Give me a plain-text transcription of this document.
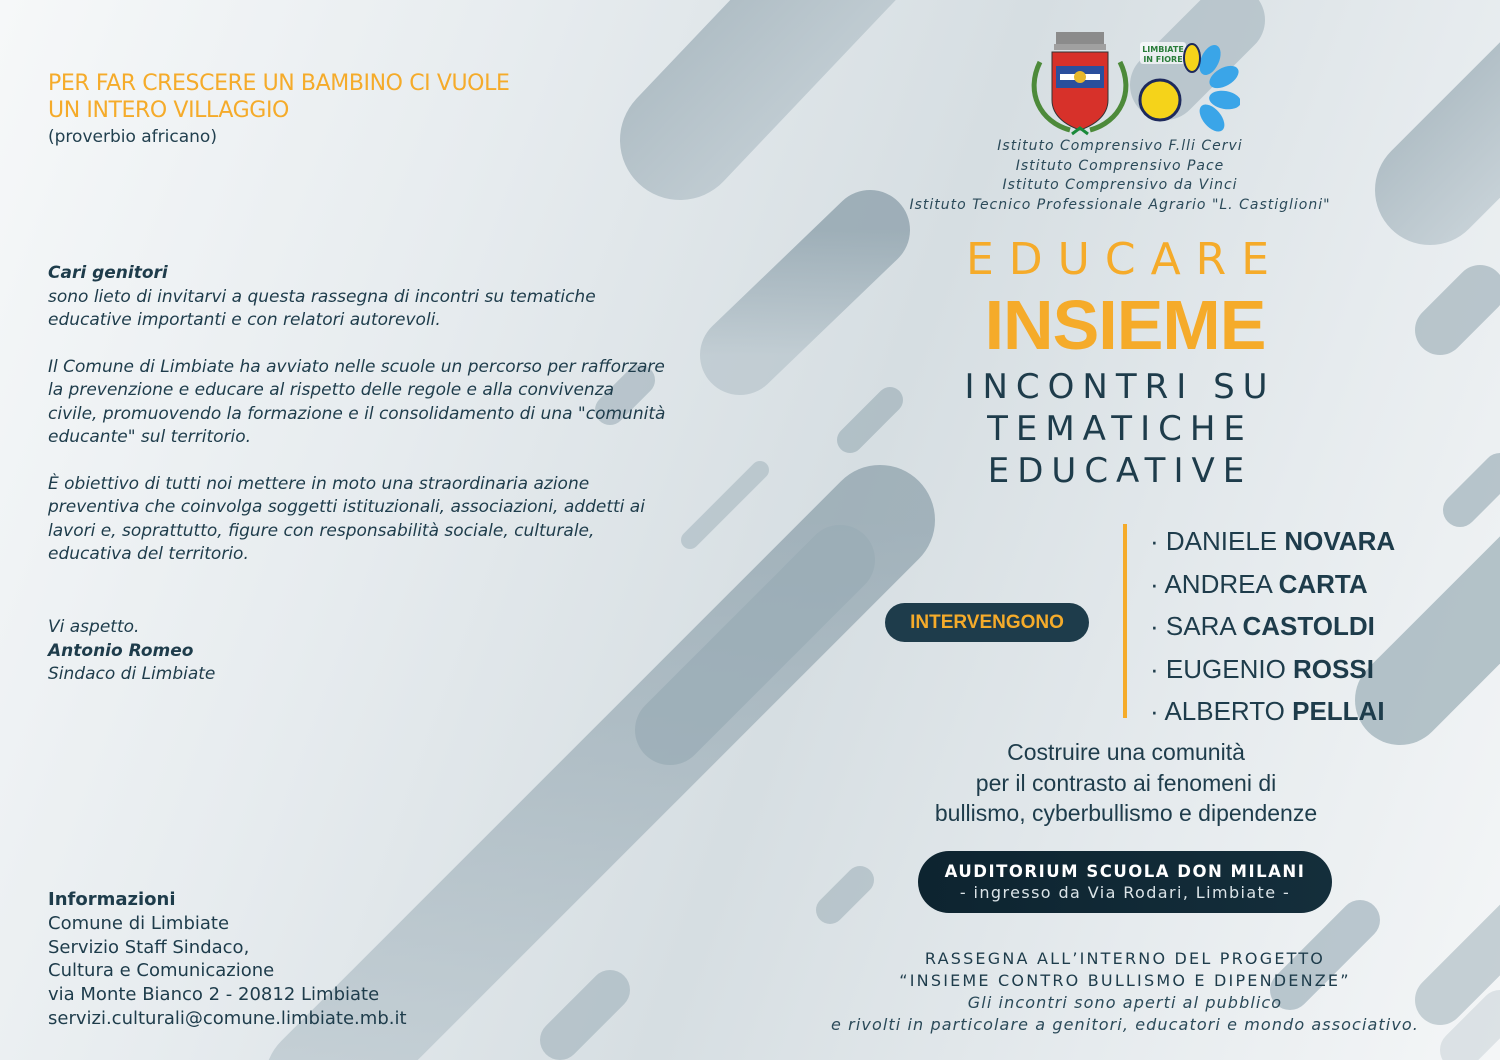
PER FAR CRESCERE UN BAMBINO CI VUOLE
UN INTERO VILLAGGIO
(proverbio africano)
Cari genitori

sono lieto di invitarvi a questa rassegna di incontri su tematiche educative importanti e con relatori autorevoli.

Il Comune di Limbiate ha avviato nelle scuole un percorso per rafforzare la prevenzione e educare al rispetto delle regole e alla convivenza civile, promuovendo la formazione e il consolidamento di una "comunità educante" sul territorio.

È obiettivo di tutti noi mettere in moto una straordinaria azione preventiva che coinvolga soggetti istituzionali, associazioni, addetti ai lavori e, soprattutto, figure con responsabilità sociale, culturale, educativa del territorio.

Vi aspetto.
Antonio Romeo
Sindaco di Limbiate
Informazioni
Comune di Limbiate
Servizio Staff Sindaco,
Cultura e Comunicazione
via Monte Bianco 2 - 20812 Limbiate
servizi.culturali@comune.limbiate.mb.it
LIMBIATE
IN FIORE
Istituto Comprensivo F.lli Cervi
Istituto Comprensivo Pace
Istituto Comprensivo da Vinci
Istituto Tecnico Professionale Agrario "L. Castiglioni"
EDUCARE
INSIEME
INCONTRI SU
TEMATICHE
EDUCATIVE
INTERVENGONO
· DANIELE NOVARA
· ANDREA CARTA
· SARA CASTOLDI
· EUGENIO ROSSI
· ALBERTO PELLAI
Costruire una comunità
per il contrasto ai fenomeni di
bullismo, cyberbullismo e dipendenze
AUDITORIUM SCUOLA DON MILANI
- ingresso da Via Rodari, Limbiate -
RASSEGNA ALL’INTERNO DEL PROGETTO
“INSIEME CONTRO BULLISMO E DIPENDENZE”
Gli incontri sono aperti al pubblico
e rivolti in particolare a genitori, educatori e mondo associativo.
